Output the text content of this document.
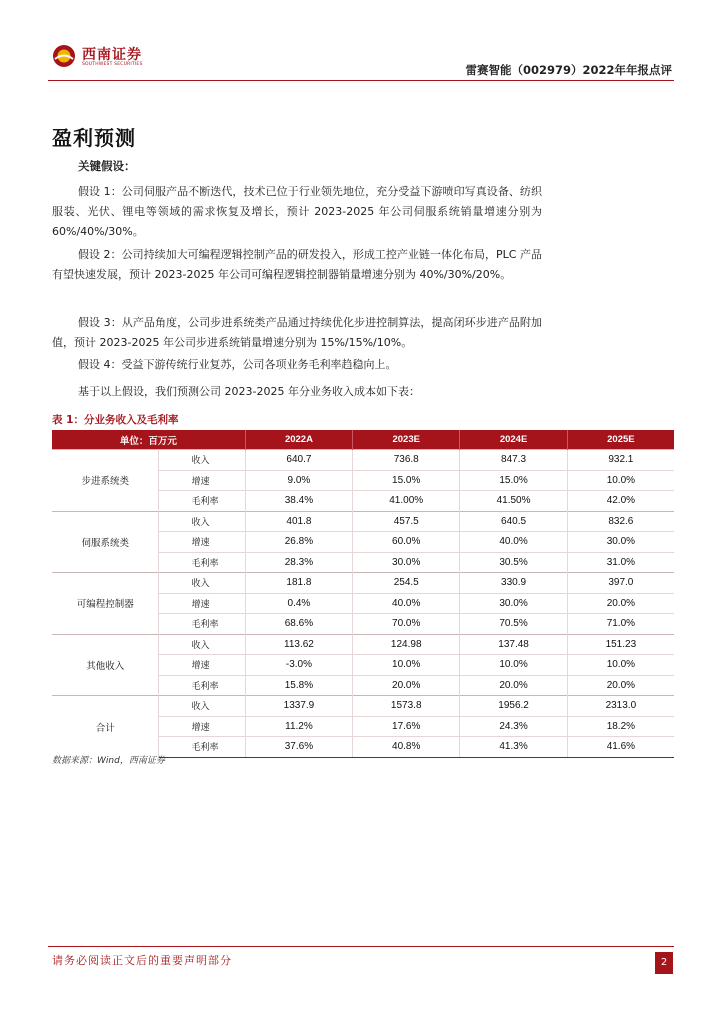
西南证券
SOUTHWEST SECURITIES	雷赛智能（002979）2022年年报点评
盈利预测
关键假设：

假设 1：公司伺服产品不断迭代，技术已位于行业领先地位，充分受益下游喷印写真设备、纺织服装、光伏、锂电等领域的需求恢复及增长，预计 2023-2025 年公司伺服系统销量增速分别为 60%/40%/30%。

假设 2：公司持续加大可编程逻辑控制产品的研发投入，形成工控产业链一体化布局，PLC 产品有望快速发展，预计 2023-2025 年公司可编程逻辑控制器销量增速分别为 40%/30%/20%。

假设 3：从产品角度，公司步进系统类产品通过持续优化步进控制算法，提高闭环步进产品附加值，预计 2023-2025 年公司步进系统销量增速分别为 15%/15%/10%。

假设 4：受益下游传统行业复苏，公司各项业务毛利率趋稳向上。

基于以上假设，我们预测公司 2023-2025 年分业务收入成本如下表：

表 1：分业务收入及毛利率
单位：百万元		2022A	2023E	2024E	2025E
步进系统类	收入	640.7	736.8	847.3	932.1
	增速	9.0%	15.0%	15.0%	10.0%
	毛利率	38.4%	41.00%	41.50%	42.0%
伺服系统类	收入	401.8	457.5	640.5	832.6
	增速	26.8%	60.0%	40.0%	30.0%
	毛利率	28.3%	30.0%	30.5%	31.0%
可编程控制器	收入	181.8	254.5	330.9	397.0
	增速	0.4%	40.0%	30.0%	20.0%
	毛利率	68.6%	70.0%	70.5%	71.0%
其他收入	收入	113.62	124.98	137.48	151.23
	增速	-3.0%	10.0%	10.0%	10.0%
	毛利率	15.8%	20.0%	20.0%	20.0%
合计	收入	1337.9	1573.8	1956.2	2313.0
	增速	11.2%	17.6%	24.3%	18.2%
	毛利率	37.6%	40.8%	41.3%	41.6%
数据来源：Wind，西南证券
请务必阅读正文后的重要声明部分	2
